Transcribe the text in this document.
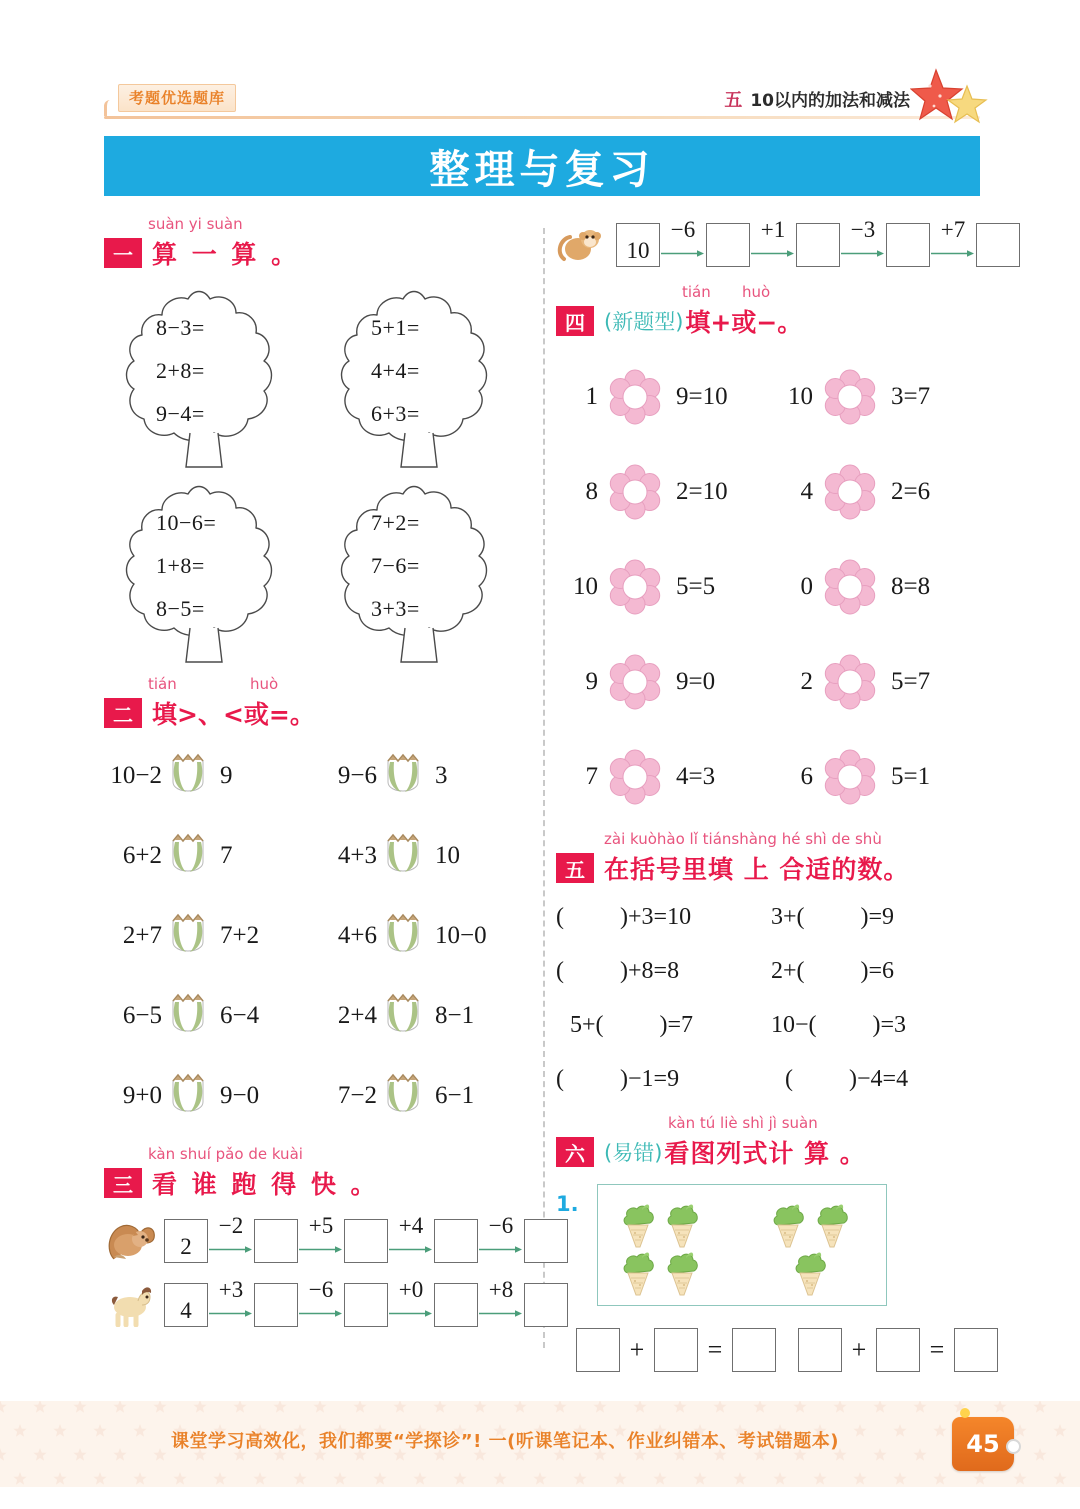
考题优选题库	五 10以内的加法和减法
整理与复习
suàn yi suàn
一 算 一 算 。
8−3=
2+8=
9−4=
5+1=
4+4=
6+3=
10−6=
1+8=
8−5=
7+2=
7−6=
3+3=
tián	huò
二 填>、<或=。
10−2 9	9−6 3
6+2 7	4+3 10
2+7 7+2	4+6 10−0
6−5 6−4	2+4 8−1
9+0 9−0	7−2 6−1
kàn shuí pǎo de kuài
三 看 谁 跑 得 快 。
2
−2	+5	+4	−6
4
+3	−6	+0	+8
10
−6	+1	−3	+7
tián huò
四 (新题型) 填+或−。
1	9=10	10	3=7
8	2=10	4	2=6
10	5=5	0	8=8
9	9=0	2	5=7
7	4=3	6	5=1
zài kuòhào lǐ tiánshàng hé shì de shù
五 在括号里填 上 合适的数。
( )+3=10	3+( )=9
( )+8=8	2+( )=6
5+( )=7	10−( )=3
( )−1=9	( )−4=4
kàn tú liè shì jì suàn
六 (易错) 看图列式计 算 。
1.
+	=	+	=
课堂学习高效化，我们都要“学探诊”! 一(听课笔记本、作业纠错本、考试错题本)	45
